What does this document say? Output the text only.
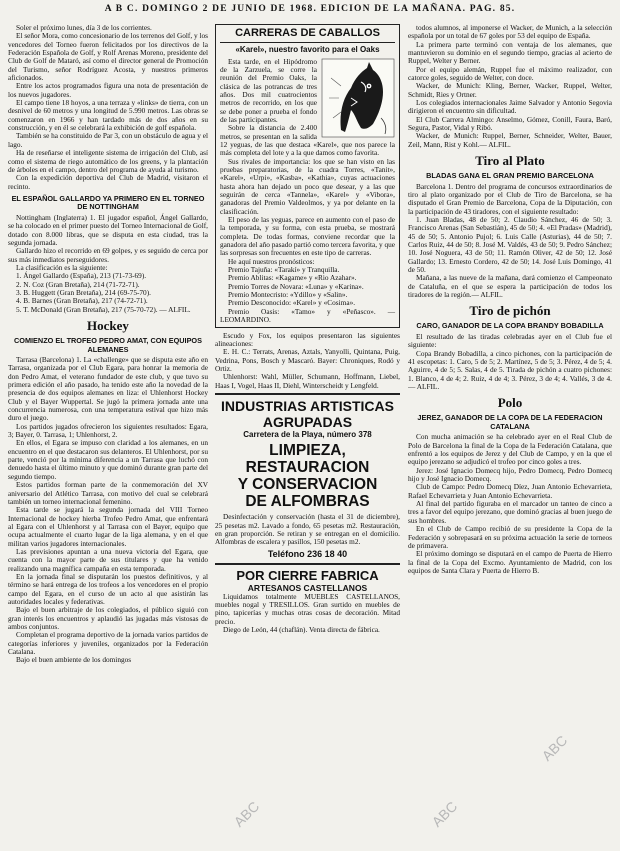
A B C. DOMINGO 2 DE JUNIO DE 1968. EDICION DE LA MAÑANA. PAG. 85.

Soler el próximo lunes, día 3 de los corrientes.

El señor Mora, como concesionario de los terrenos del Golf, y los vencedores del Torneo fueron felicitados por los directivos de la Federación Española de Golf, y Rolf Arenas Moreno, presidente del Club de Golf de Mataró, así como el director general de Promoción del Turismo, señor Rodríguez Acosta, y nuestros primeros aficionados.

Entre los actos programados figura una nota de presentación de los nuevos jugadores.

El campo tiene 18 hoyos, a una terraza y «links» de tierra, con un desnivel de 60 metros y una longitud de 5.990 metros. Las obras se comenzaron en 1966 y han tardado más de dos años en su construcción, y en él se celebrará la exhibición de golf española.

También se ha constituido de Par 3, con un obstáculo de agua y el lago.

Ha de reseñarse el inteligente sistema de irrigación del Club, así como el sistema de riego automático de los greens, y la plantación de árboles en el campo, dentro del programa de ayuda al turismo.

Con la expedición deportiva del Club de Madrid, visitaron el recinto.

EL ESPAÑOL GALLARDO YA PRIMERO EN EL TORNEO DE NOTTINGHAM

Nottingham (Inglaterra) 1. El jugador español, Ángel Gallardo, se ha colocado en el primer puesto del Torneo Internacional de Golf, dotado con 8.000 libras, que se disputa en esta ciudad, tras la segunda jornada.

Gallardo hizo el recorrido en 69 golpes, y es seguido de cerca por sus más inmediatos perseguidores.

La clasificación es la siguiente:

1. Ángel Gallardo (España), 213 (71-73-69).

2. N. Coz (Gran Bretaña), 214 (71-72-71).

3. B. Huggett (Gran Bretaña), 214 (69-75-70).

4. B. Barnes (Gran Bretaña), 217 (74-72-71).

5. T. McDonald (Gran Bretaña), 217 (75-70-72). — ALFIL.

Hockey
COMIENZO EL TROFEO PEDRO AMAT, CON EQUIPOS ALEMANES

Tarrasa (Barcelona) 1. La «challenge» que se disputa este año en Tarrasa, organizada por el Club Egara, para honrar la memoria de don Pedro Amat, el veterano fundador de este club, y que tuvo su primera edición el año pasado, ha tenido este año la novedad de la presencia de dos equipos alemanes en liza: el Uhlenhorst Hockey Club y el Bayer Wuppertal. Se jugó la primera jornada ante una concurrencia numerosa, con una temperatura estival que hizo más duro el juego.

Los partidos jugados ofrecieron los siguientes resultados: Egara, 3; Bayer, 0. Tarrasa, 1; Uhlenhorst, 2.

En ellos, el Egara se impuso con claridad a los alemanes, en un encuentro en el que destacaron sus delanteros. El Uhlenhorst, por su parte, venció por la mínima diferencia a un Tarrasa que luchó con denuedo hasta el último minuto y que dominó durante gran parte del segundo tiempo.

Estos partidos forman parte de la conmemoración del XV aniversario del Atlético Tarrasa, con motivo del cual se celebrará también un torneo internacional femenino.

Esta tarde se jugará la segunda jornada del VIII Torneo Internacional de hockey hierba Trofeo Pedro Amat, que enfrentará al Egara con el Uhlenhorst y al Tarrasa con el Bayer, equipo que ocupa actualmente el cuarto lugar de la liga alemana, y en el que militan varios jugadores internacionales.

Las previsiones apuntan a una nueva victoria del Egara, que cuenta con la mayor parte de sus titulares y que ha venido realizando una magnífica campaña en esta temporada.

En la jornada final se disputarán los puestos definitivos, y al término se hará entrega de los trofeos a los vencedores en el propio campo del Egara, en el curso de un acto al que asistirán las autoridades locales y federativas.

Bajo el buen arbitraje de los colegiados, el público siguió con gran interés los encuentros y aplaudió las jugadas más vistosas de ambos conjuntos.

Completan el programa deportivo de la jornada varios partidos de categorías inferiores y juveniles, organizados por la Federación Catalana.

Bajo el buen ambiente de los domingos

CARRERAS DE CABALLOS
«Karel», nuestro favorito para el Oaks

Esta tarde, en el Hipódromo de la Zarzuela, se corre la reunión del Premio Oaks, la clásica de las potrancas de tres años. Dos mil cuatrocientos metros de recorrido, en los que se debe poner a prueba el fondo de las participantes.

Sobre la distancia de 2.400 metros, se presentan en la salida 12 yeguas, de las que destaca «Karel», que nos parece la más completa del lote y a la que damos como favorita.

Sus rivales de importancia: los que se han visto en las pruebas preparatorias, de la cuadra Torres, «Tanit», «Karel», «Urpi», «Kasba», «Kathia», cuyas actuaciones hasta ahora han dejado un poco que desear, y a las que seguirán de cerca «Tannela», «Karel» y «Vibora», ganadoras del Premio Valdeolmos, y ya por delante en la clasificación.

El peso de las yeguas, parece en aumento con el paso de la temporada, y su forma, con esta prueba, se mostrará completa. De todas formas, conviene recordar que la ganadora del año pasado partió como tercera favorita, y que las sorpresas son frecuentes en este tipo de carreras.

He aquí nuestros pronósticos:

Premio Tajuña: «Tarakí» y Tranquilla.

Premio Ablitas: «Kagame» y «Rio Azahar».

Premio Torres de Novara: «Luna» y «Karina».

Premio Montecristo: «Ydillo» y «Salin».

Premio Desconocido: «Karel» y «Cosima».

Premio Oasis: «Tamo» y «Peñasco». — LEOMARDINO.

Escudo y Fox, los equipos presentaron las siguientes alineaciones:

E. H. C.: Terrats, Arenas, Aztals, Yanyolli, Quintana, Puig, Vedrina, Pons, Bosch y Mascaró. Bayer: Chroniques, Rodó y Ortiz.

Uhlenhorst: Wahl, Müller, Schumann, Hoffmann, Liebel, Haas I, Vogel, Haas II, Diehl, Winterscheidt y Lengfeld.

INDUSTRIAS ARTISTICAS
AGRUPADAS
Carretera de la Playa, número 378
LIMPIEZA, RESTAURACION
Y CONSERVACION
DE ALFOMBRAS

Desinfectación y conservación (hasta el 31 de diciembre), 25 pesetas m2. Lavado a fondo, 65 pesetas m2. Restauración, en gran proporción. Se retiran y se entregan en el domicilio. Alfombras de escalera y pasillos, 150 pesetas m2.

Teléfono 236 18 40
POR CIERRE FABRICA
ARTESANOS CASTELLANOS

Liquidamos totalmente MUEBLES CASTELLANOS, muebles nogal y TRESILLOS. Gran surtido en muebles de pino, tapicerías y muchas otras cosas de decoración. Mitad precio.

Diego de León, 44 (chaflán). Venta directa de fábrica.

todos alumnos, al imponerse el Wacker, de Munich, a la selección española por un total de 67 goles por 53 del equipo de España.

La primera parte terminó con ventaja de los alemanes, que mantuvieron su dominio en el segundo tiempo, gracias al acierto de Ruppel, Welter y Berner.

Por el equipo alemán, Ruppel fue el máximo realizador, con catorce goles, seguido de Welter, con doce.

Wacker, de Munich: Kling, Berner, Wacker, Ruppel, Welter, Schmidt, Ries y Ortner.

Los colegiados internacionales Jaime Salvador y Antonio Segovia dirigieron el encuentro sin dificultad.

El Club Carrera Almingo: Anselmo, Gómez, Conill, Faura, Baró, Segura, Pastor, Vidal y Ribó.

Wacker, de Munich: Ruppel, Berner, Schneider, Welter, Bauer, Zeil, Mann, Rist y Kohl.— ALFIL.

Tiro al Plato
BLADAS GANA EL GRAN PREMIO BARCELONA

Barcelona 1. Dentro del programa de concursos extraordinarios de tiro al plato organizado por el Club de Tiro de Barcelona, se ha disputado el Gran Premio de Barcelona, Copa de la Diputación, con la participación de 43 tiradores, con el siguiente resultado:

1. Juan Bladas, 48 de 50; 2. Claudio Sánchez, 46 de 50; 3. Francisco Arenas (San Sebastián), 45 de 50; 4. «El Pradas» (Madrid), 45 de 50; 5. Antonio Pujol; 6. Luis Calle (Asturias), 44 de 50; 7. Carlos Ruiz, 44 de 50; 8. José M. Valdés, 43 de 50; 9. Pedro Sánchez; 10. José Noguera, 43 de 50; 11. Ramón Oliver, 42 de 50; 12. José Gallardo; 13. Ernesto Cordero, 42 de 50; 14. José Luis Domingo, 41 de 50.

Mañana, a las nueve de la mañana, dará comienzo el Campeonato de Cataluña, en el que se espera la participación de todos los tiradores de la región.— ALFIL.

Tiro de pichón
CARO, GANADOR DE LA COPA BRANDY BOBADILLA

El resultado de las tiradas celebradas ayer en el Club fue el siguiente:

Copa Brandy Bobadilla, a cinco pichones, con la participación de 41 escopetas: 1. Caro, 5 de 5; 2. Martínez, 5 de 5; 3. Pérez, 4 de 5; 4. Aguirre, 4 de 5; 5. Salas, 4 de 5. Tirada de pichón a cuatro pichones: 1. Blanco, 4 de 4; 2. Ruiz, 4 de 4; 3. Pérez, 3 de 4; 4. Vallés, 3 de 4.— ALFIL.

Polo
JEREZ, GANADOR DE LA COPA DE LA FEDERACION CATALANA

Con mucha animación se ha celebrado ayer en el Real Club de Polo de Barcelona la final de la Copa de la Federación Catalana, que enfrentó a los equipos de Jerez y del Club de Campo, y en la que el equipo jerezano se adjudicó el trofeo por cinco goles a tres.

Jerez: José Ignacio Domecq hijo, Pedro Domecq, Pedro Domecq hijo y José Ignacio Domecq.

Club de Campo: Pedro Domecq Díez, Juan Antonio Echevarrieta, Rafael Echevarrieta y Juan Antonio Echevarrieta.

Al final del partido figuraba en el marcador un tanteo de cinco a tres a favor del equipo jerezano, que dominó gracias al buen juego de sus hombres.

En el Club de Campo recibió de su presidente la Copa de la Federación y sobrepasará en su próxima actuación la serie de torneos de primavera.

El próximo domingo se disputará en el campo de Puerta de Hierro la final de la Copa del Excmo. Ayuntamiento de Madrid, con los equipos de Santa Clara y Puerta de Hierro B.

ABC	ABC
ABC
